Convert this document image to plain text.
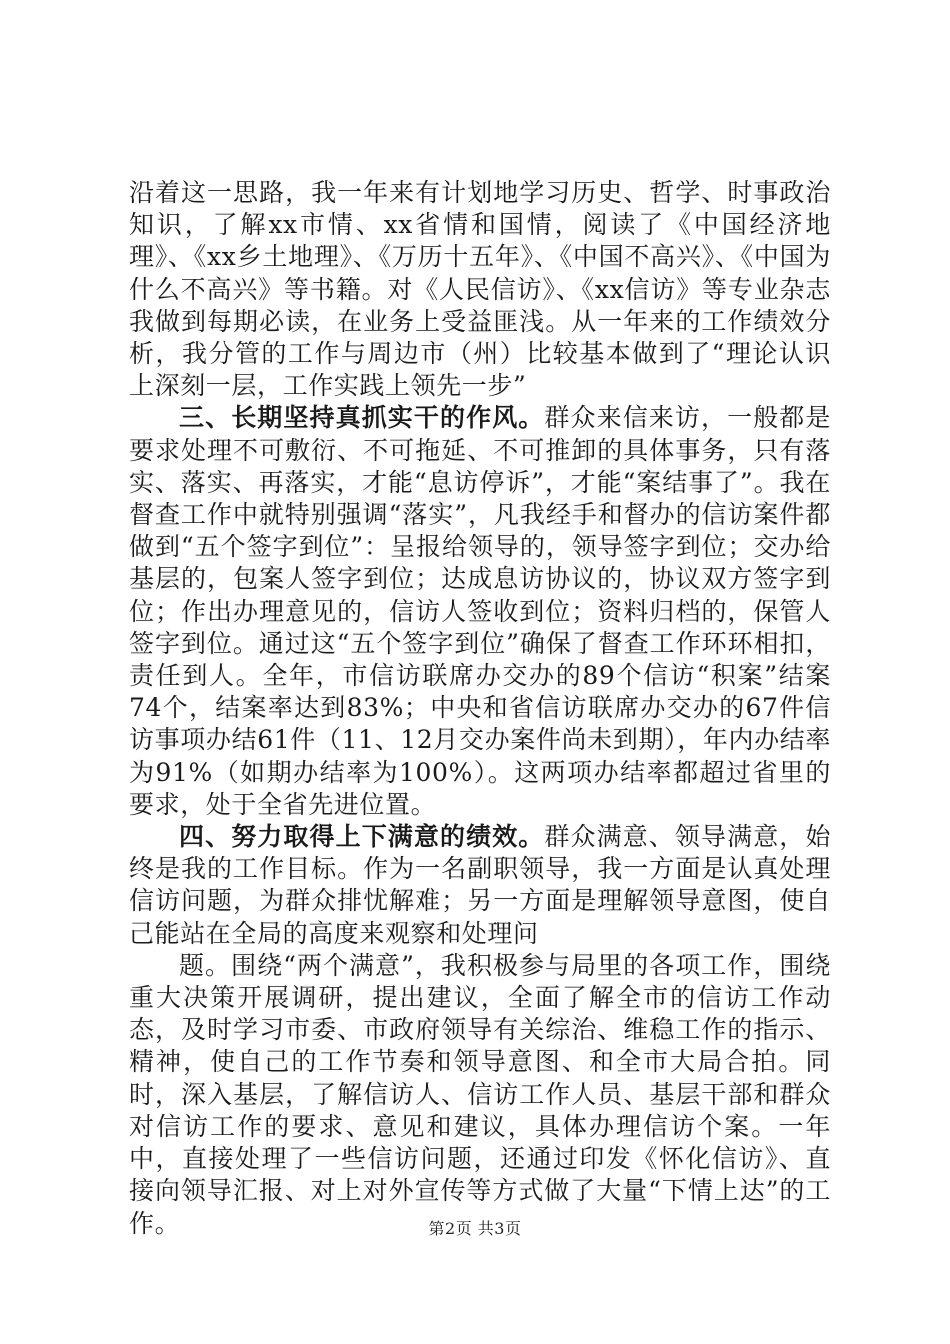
沿着这一思路，我一年来有计划地学习历史、哲学、时事政治知识，了解xx市情、xx省情和国情，阅读了《中国经济地理》、《xx乡土地理》、《万历十五年》、《中国不高兴》、《中国为什么不高兴》等书籍。对《人民信访》、《xx信访》等专业杂志我做到每期必读，在业务上受益匪浅。从一年来的工作绩效分析，我分管的工作与周边市（州）比较基本做到了“理论认识上深刻一层，工作实践上领先一步”

三、长期坚持真抓实干的作风。群众来信来访，一般都是要求处理不可敷衍、不可拖延、不可推卸的具体事务，只有落实、落实、再落实，才能“息访停诉”，才能“案结事了”。我在督查工作中就特别强调“落实”，凡我经手和督办的信访案件都做到“五个签字到位”：呈报给领导的，领导签字到位；交办给基层的，包案人签字到位；达成息访协议的，协议双方签字到位；作出办理意见的，信访人签收到位；资料归档的，保管人签字到位。通过这“五个签字到位”确保了督查工作环环相扣，责任到人。全年，市信访联席办交办的89个信访“积案”结案74个，结案率达到83%；中央和省信访联席办交办的67件信访事项办结61件（11、12月交办案件尚未到期），年内办结率为91%（如期办结率为100%）。这两项办结率都超过省里的要求，处于全省先进位置。

四、努力取得上下满意的绩效。群众满意、领导满意，始终是我的工作目标。作为一名副职领导，我一方面是认真处理信访问题，为群众排忧解难；另一方面是理解领导意图，使自己能站在全局的高度来观察和处理问

题。围绕“两个满意”，我积极参与局里的各项工作，围绕重大决策开展调研，提出建议，全面了解全市的信访工作动态，及时学习市委、市政府领导有关综治、维稳工作的指示、精神，使自己的工作节奏和领导意图、和全市大局合拍。同时，深入基层，了解信访人、信访工作人员、基层干部和群众对信访工作的要求、意见和建议，具体办理信访个案。一年中，直接处理了一些信访问题，还通过印发《怀化信访》、直接向领导汇报、对上对外宣传等方式做了大量“下情上达”的工作。	第2页 共3页
